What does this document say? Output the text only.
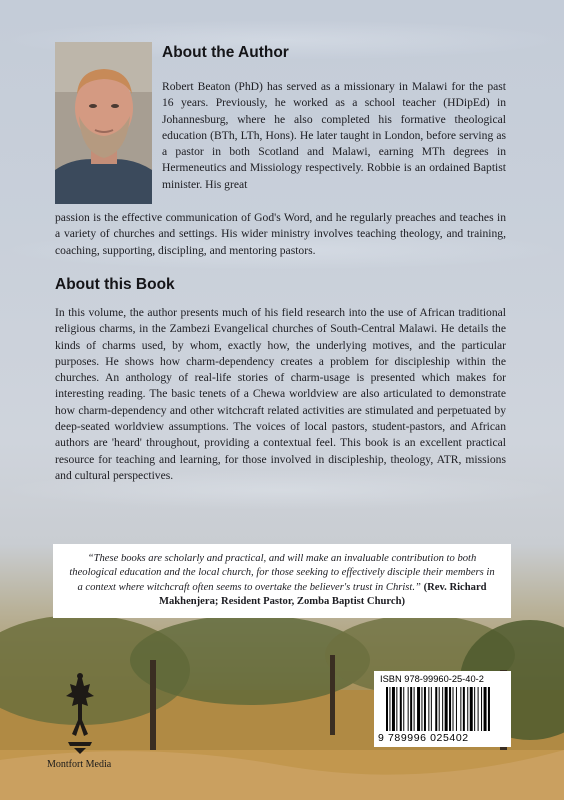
About the Author

Robert Beaton (PhD) has served as a missionary in Malawi for the past 16 years. Previously, he worked as a school teacher (HDipEd) in Johannesburg, where he also completed his formative theological education (BTh, LTh, Hons). He later taught in London, before serving as a pastor in both Scotland and Malawi, earning MTh degrees in Hermeneutics and Missiology respectively. Robbie is an ordained Baptist minister. His great

passion is the effective communication of God's Word, and he regularly preaches and teaches in a variety of churches and settings. His wider ministry involves teaching theology, and training, coaching, supporting, discipling, and mentoring pastors.

About this Book

In this volume, the author presents much of his field research into the use of African traditional religious charms, in the Zambezi Evangelical churches of South-Central Malawi. He details the kinds of charms used, by whom, exactly how, the underlying motives, and the particular purposes. He shows how charm-dependency creates a problem for discipleship within the churches. An anthology of real-life stories of charm-usage is presented which makes for interesting reading. The basic tenets of a Chewa worldview are also articulated to demonstrate how charm-dependency and other witchcraft related activities are stimulated and perpetuated by deep-seated worldview assumptions. The voices of local pastors, student-pastors, and African authors are 'heard' throughout, providing a contextual feel. This book is an excellent practical resource for teaching and learning, for those involved in discipleship, theology, ATR, missions and cultural perspectives.

“These books are scholarly and practical, and will make an invaluable contribution to both theological education and the local church, for those seeking to effectively disciple their members in a context where witchcraft often seems to overtake the believer's trust in Christ.” (Rev. Richard Makhenjera; Resident Pastor, Zomba Baptist Church)

Montfort Media
ISBN 978-99960-25-40-2
9 789996 025402
